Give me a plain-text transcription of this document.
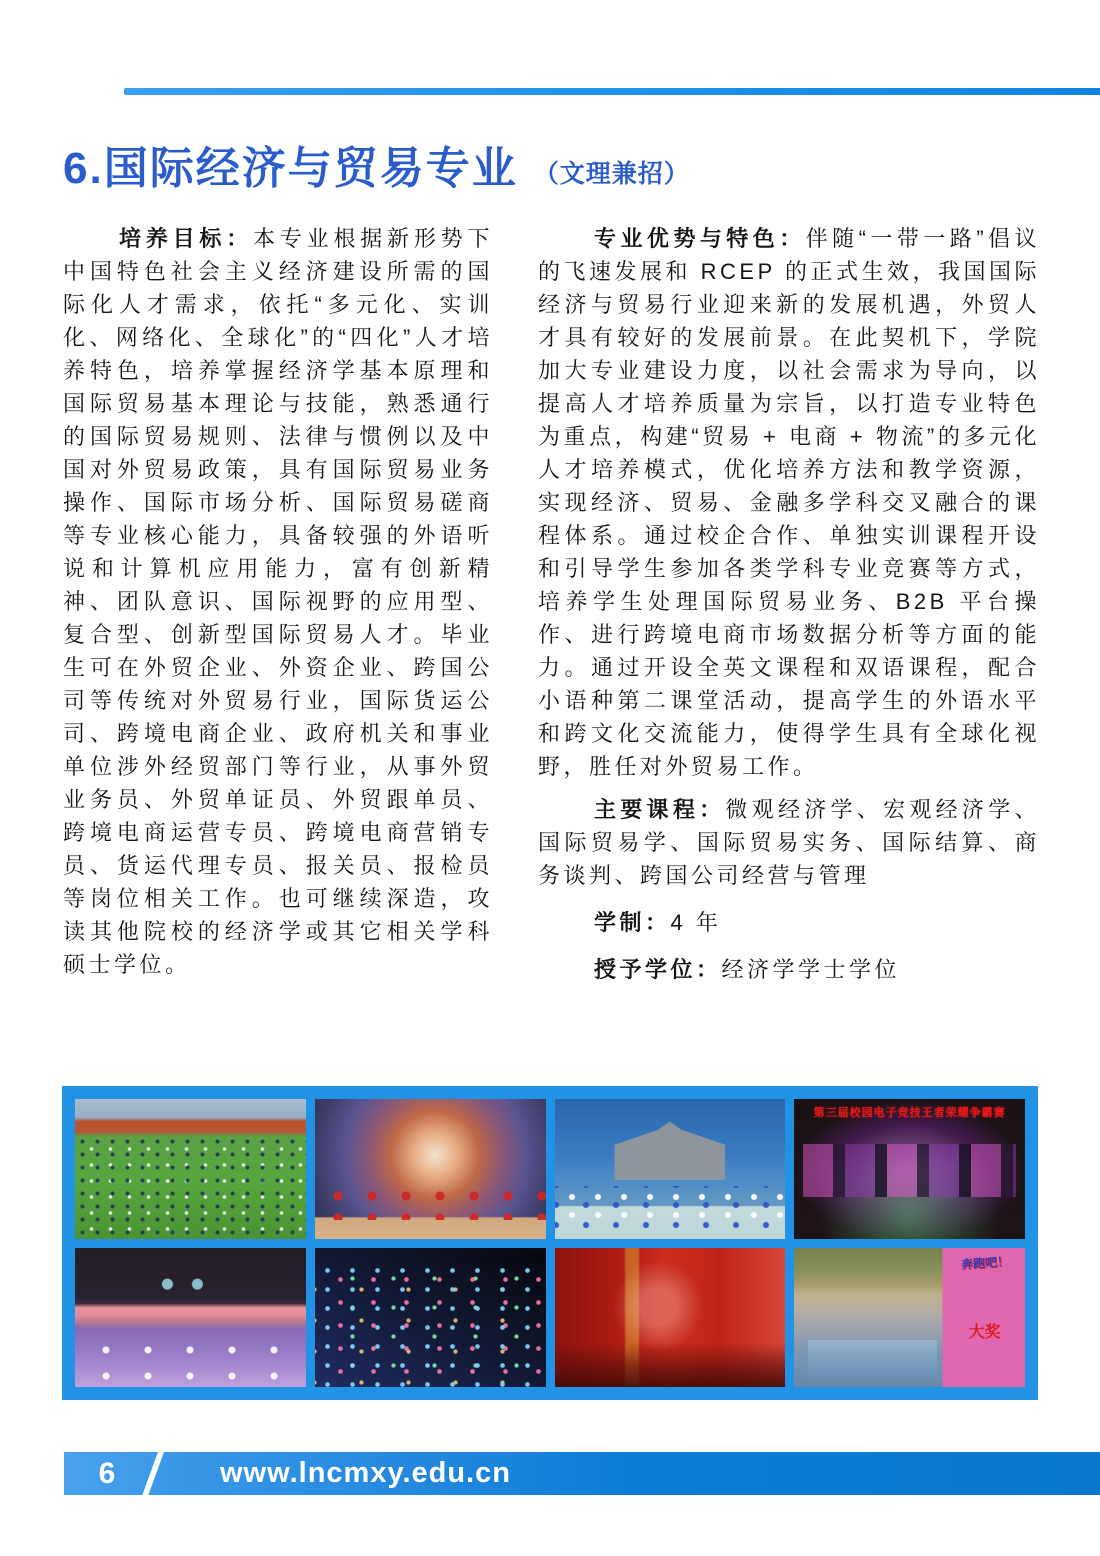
6.国际经济与贸易专业 （文理兼招）

培养目标：本专业根据新形势下中国特色社会主义经济建设所需的国际化人才需求，依托“多元化、实训化、网络化、全球化”的“四化”人才培养特色，培养掌握经济学基本原理和国际贸易基本理论与技能，熟悉通行的国际贸易规则、法律与惯例以及中国对外贸易政策，具有国际贸易业务操作、国际市场分析、国际贸易磋商等专业核心能力，具备较强的外语听说和计算机应用能力，富有创新精神、团队意识、国际视野的应用型、复合型、创新型国际贸易人才。毕业生可在外贸企业、外资企业、跨国公司等传统对外贸易行业，国际货运公司、跨境电商企业、政府机关和事业单位涉外经贸部门等行业，从事外贸业务员、外贸单证员、外贸跟单员、跨境电商运营专员、跨境电商营销专员、货运代理专员、报关员、报检员等岗位相关工作。也可继续深造，攻读其他院校的经济学或其它相关学科硕士学位。

专业优势与特色：伴随“一带一路”倡议的飞速发展和 RCEP 的正式生效，我国国际经济与贸易行业迎来新的发展机遇，外贸人才具有较好的发展前景。在此契机下，学院加大专业建设力度，以社会需求为导向，以提高人才培养质量为宗旨，以打造专业特色为重点，构建“贸易 + 电商 + 物流”的多元化人才培养模式，优化培养方法和教学资源，实现经济、贸易、金融多学科交叉融合的课程体系。通过校企合作、单独实训课程开设和引导学生参加各类学科专业竞赛等方式，培养学生处理国际贸易业务、B2B 平台操作、进行跨境电商市场数据分析等方面的能力。通过开设全英文课程和双语课程，配合小语种第二课堂活动，提高学生的外语水平和跨文化交流能力，使得学生具有全球化视野，胜任对外贸易工作。

主要课程：微观经济学、宏观经济学、国际贸易学、国际贸易实务、国际结算、商务谈判、跨国公司经营与管理

学制：4 年

授予学位：经济学学士学位

第三届校园电子竞技王者荣耀争霸赛
奔跑吧！
大奖
6	www.lncmxy.edu.cn
